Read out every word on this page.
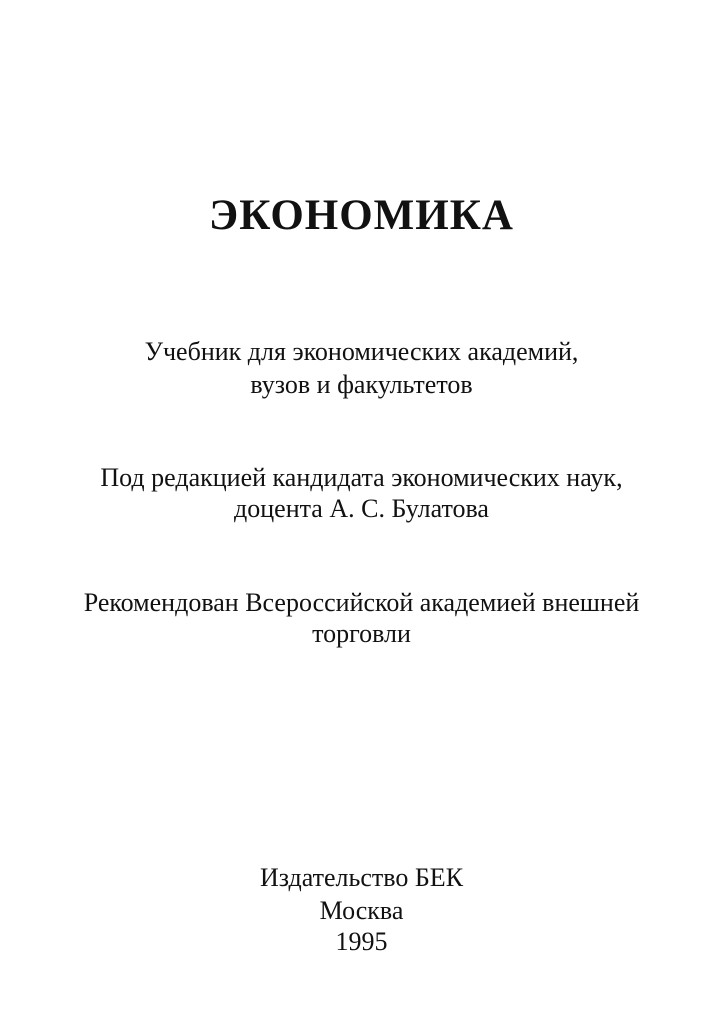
ЭКОНОМИКА
Учебник для экономических академий,
вузов и факультетов
Под редакцией кандидата экономических наук,
доцента А. С. Булатова
Рекомендован Всероссийской академией внешней
торговли
Издательство БЕК
Москва
1995
